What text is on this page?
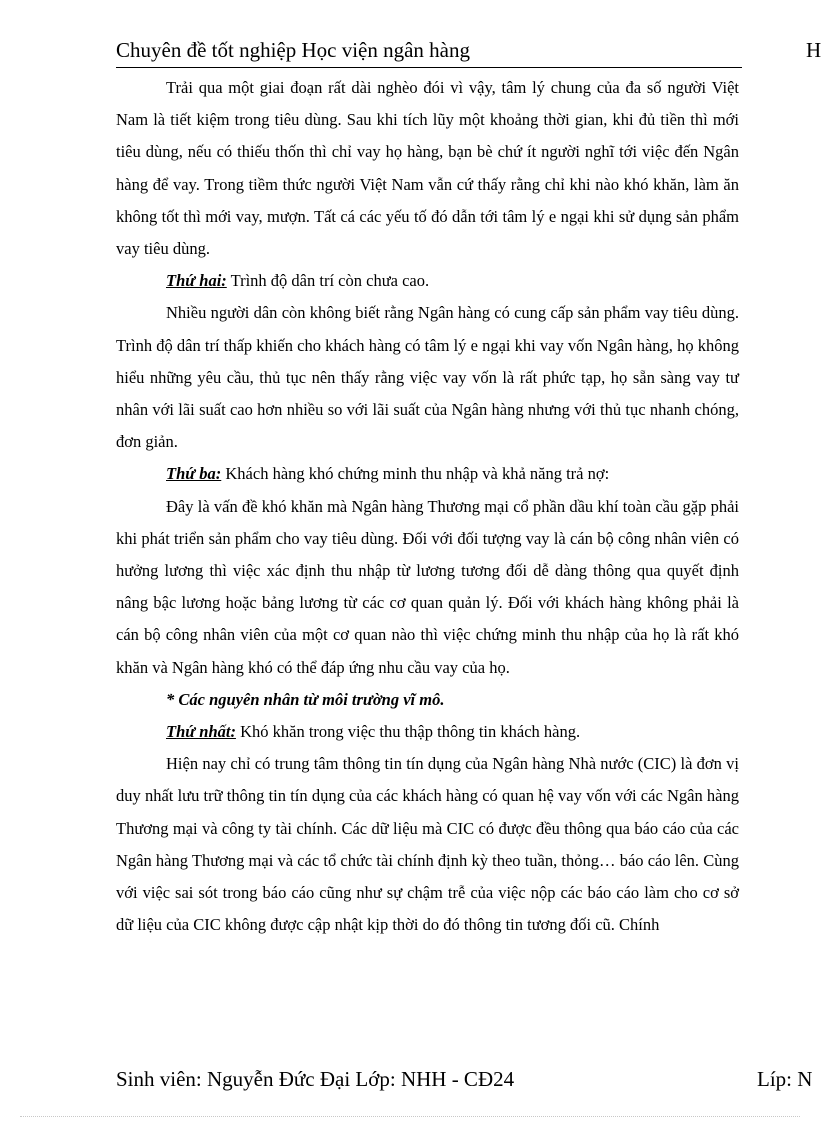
Chuyên đề tốt nghiệp Học viện ngân hàng	H

Trải qua một giai đoạn rất dài nghèo đói vì vậy, tâm lý chung của đa số người Việt Nam là tiết kiệm trong tiêu dùng. Sau khi tích lũy một khoảng thời gian, khi đủ tiền thì mới tiêu dùng, nếu có thiếu thốn thì chỉ vay họ hàng, bạn bè chứ ít người nghĩ tới việc đến Ngân hàng để vay. Trong tiềm thức người Việt Nam vẫn cứ thấy rằng chỉ khi nào khó khăn, làm ăn không tốt thì mới vay, mượn. Tất cá các yếu tố đó dẫn tới tâm lý e ngại khi sử dụng sản phẩm vay tiêu dùng.

Thứ hai: Trình độ dân trí còn chưa cao.

Nhiều người dân còn không biết rằng Ngân hàng có cung cấp sản phẩm vay tiêu dùng. Trình độ dân trí thấp khiến cho khách hàng có tâm lý e ngại khi vay vốn Ngân hàng, họ không hiểu những yêu cầu, thủ tục nên thấy rằng việc vay vốn là rất phức tạp, họ sẵn sàng vay tư nhân với lãi suất cao hơn nhiều so với lãi suất của Ngân hàng nhưng với thủ tục nhanh chóng, đơn giản.

Thứ ba: Khách hàng khó chứng minh thu nhập và khả năng trả nợ:

Đây là vấn đề khó khăn mà Ngân hàng Thương mại cổ phần dầu khí toàn cầu gặp phải khi phát triển sản phẩm cho vay tiêu dùng. Đối với đối tượng vay là cán bộ công nhân viên có hưởng lương thì việc xác định thu nhập từ lương tương đối dễ dàng thông qua quyết định nâng bậc lương hoặc bảng lương từ các cơ quan quản lý. Đối với khách hàng không phải là cán bộ công nhân viên của một cơ quan nào thì việc chứng minh thu nhập của họ là rất khó khăn và Ngân hàng khó có thể đáp ứng nhu cầu vay của họ.

* Các nguyên nhân từ môi trường vĩ mô.

Thứ nhất: Khó khăn trong việc thu thập thông tin khách hàng.

Hiện nay chỉ có trung tâm thông tin tín dụng của Ngân hàng Nhà nước (CIC) là đơn vị duy nhất lưu trữ thông tin tín dụng của các khách hàng có quan hệ vay vốn với các Ngân hàng Thương mại và công ty tài chính. Các dữ liệu mà CIC có được đều thông qua báo cáo của các Ngân hàng Thương mại và các tổ chức tài chính định kỳ theo tuần, thỏng… báo cáo lên. Cùng với việc sai sót trong báo cáo cũng như sự chậm trễ của việc nộp các báo cáo làm cho cơ sở dữ liệu của CIC không được cập nhật kịp thời do đó thông tin tương đối cũ. Chính

Sinh viên: Nguyễn Đức Đại Lớp: NHH - CĐ24	Líp: N
